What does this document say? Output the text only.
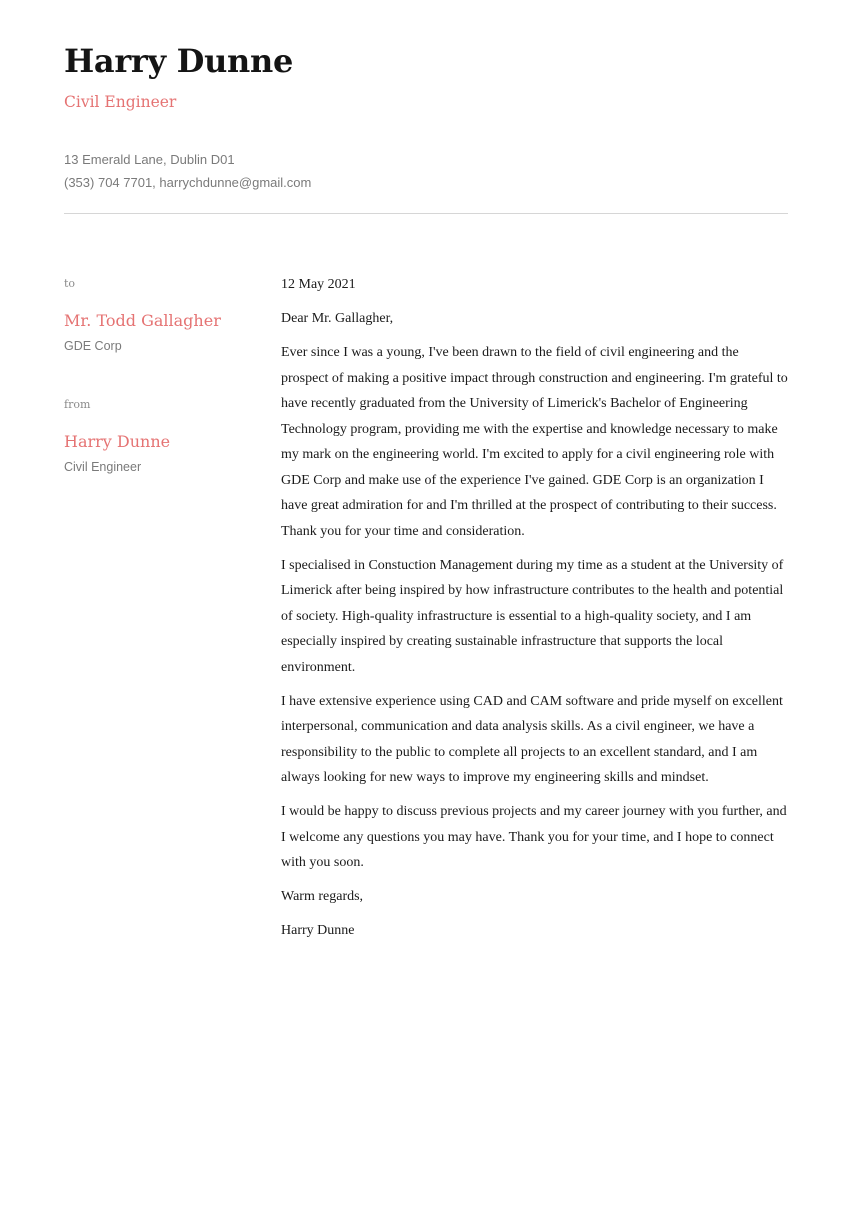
Harry Dunne
Civil Engineer
13 Emerald Lane, Dublin D01
(353) 704 7701, harrychdunne@gmail.com
to
Mr. Todd Gallagher
GDE Corp
from
Harry Dunne
Civil Engineer

12 May 2021

Dear Mr. Gallagher,

Ever since I was a young, I've been drawn to the field of civil engineering and the prospect of making a positive impact through construction and engineering. I'm grateful to have recently graduated from the University of Limerick's Bachelor of Engineering Technology program, providing me with the expertise and knowledge necessary to make my mark on the engineering world. I'm excited to apply for a civil engineering role with GDE Corp and make use of the experience I've gained. GDE Corp is an organization I have great admiration for and I'm thrilled at the prospect of contributing to their success. Thank you for your time and consideration.

I specialised in Constuction Management during my time as a student at the University of Limerick after being inspired by how infrastructure contributes to the health and potential of society. High-quality infrastructure is essential to a high-quality society, and I am especially inspired by creating sustainable infrastructure that supports the local environment.

I have extensive experience using CAD and CAM software and pride myself on excellent interpersonal, communication and data analysis skills. As a civil engineer, we have a responsibility to the public to complete all projects to an excellent standard, and I am always looking for new ways to improve my engineering skills and mindset.

I would be happy to discuss previous projects and my career journey with you further, and I welcome any questions you may have. Thank you for your time, and I hope to connect with you soon.

Warm regards,

Harry Dunne
